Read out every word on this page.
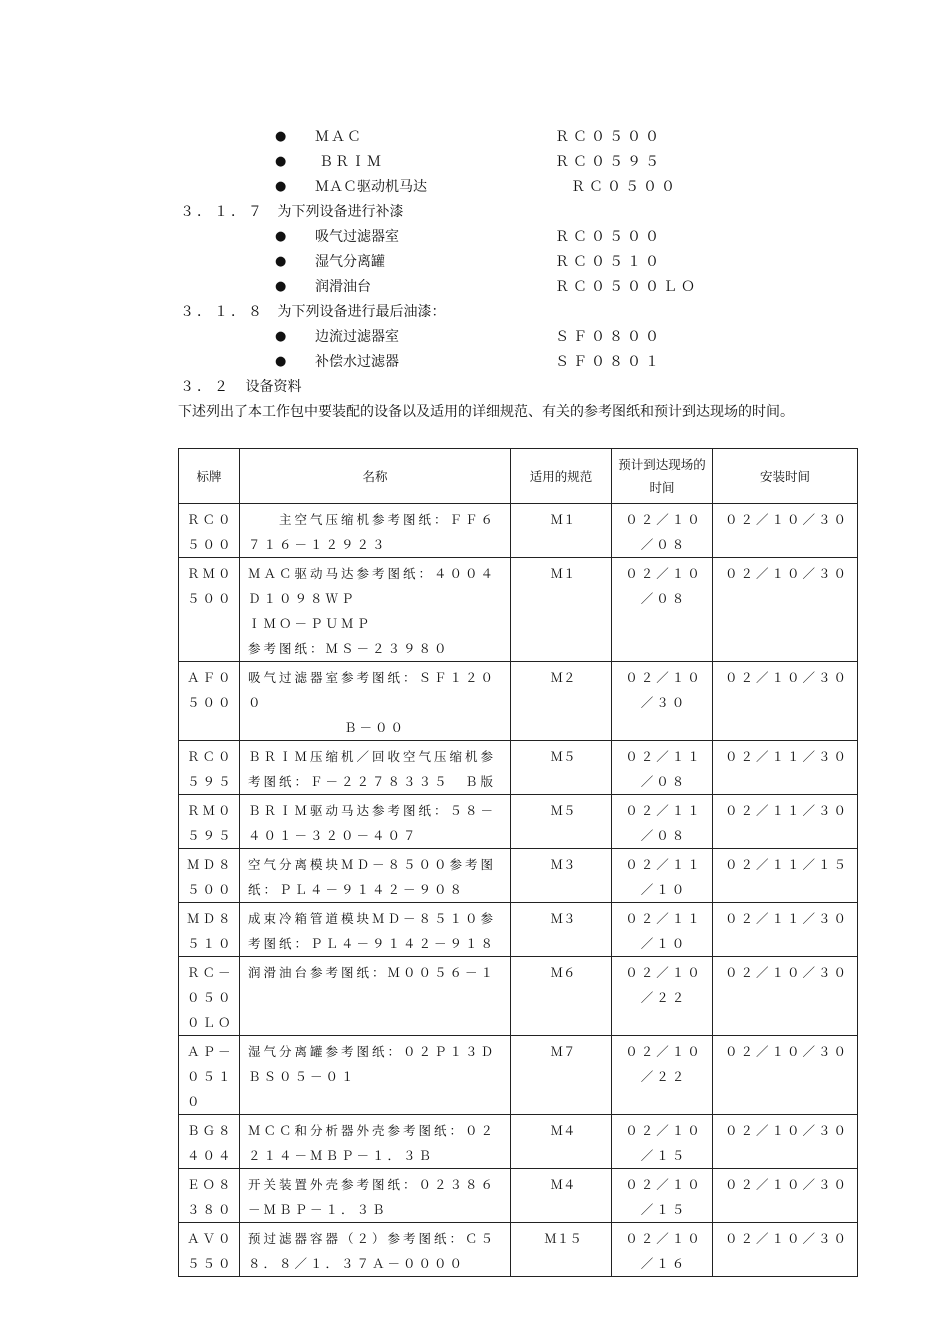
● ＭＡＣ	ＲＣ０５００
● ＢＲＩＭ	ＲＣ０５９５
● ＭＡＣ驱动机马达	ＲＣ０５００
３．１．７ 为下列设备进行补漆
● 吸气过滤器室	ＲＣ０５００
● 湿气分离罐	ＲＣ０５１０
● 润滑油台	ＲＣ０５００ＬＯ
３．１．８ 为下列设备进行最后油漆：
● 边流过滤器室	ＳＦ０８００
● 补偿水过滤器	ＳＦ０８０１
３．２ 设备资料
下述列出了本工作包中要装配的设备以及适用的详细规范、有关的参考图纸和预计到达现场的时间。
标牌	名称	适用的规范	预计到达现场的时间	安装时间
ＲＣ０５００	　　主空气压缩机参考图纸：ＦＦ６７１６－１２９２３	Ｍ１	０２／１０／０８	０２／１０／３０
ＲＭ０５００	ＭＡＣ驱动马达参考图纸：４００４Ｄ１０９８ＷＰ
ＩＭＯ－ＰＵＭＰ
参考图纸：ＭＳ－２３９８０	Ｍ１	０２／１０／０８	０２／１０／３０
ＡＦ０５００	吸气过滤器室参考图纸：ＳＦ１２００
Ｂ－００	Ｍ２	０２／１０／３０	０２／１０／３０
ＲＣ０５９５	ＢＲＩＭ压缩机／回收空气压缩机参考图纸：Ｆ－２２７８３３５　Ｂ版	Ｍ５	０２／１１／０８	０２／１１／３０
ＲＭ０５９５	ＢＲＩＭ驱动马达参考图纸：５８－４０１－３２０－４０７	Ｍ５	０２／１１／０８	０２／１１／３０
ＭＤ８５００	空气分离模块ＭＤ－８５００参考图纸：ＰＬ４－９１４２－９０８	Ｍ３	０２／１１／１０	０２／１１／１５
ＭＤ８５１０	成束冷箱管道模块ＭＤ－８５１０参考图纸：ＰＬ４－９１４２－９１８	Ｍ３	０２／１１／１０	０２／１１／３０
ＲＣ－０５００ＬＯ	润滑油台参考图纸：Ｍ００５６－１	Ｍ６	０２／１０／２２	０２／１０／３０
ＡＰ－０５１０	湿气分离罐参考图纸：０２Ｐ１３ＤＢＳ０５－０１	Ｍ７	０２／１０／２２	０２／１０／３０
ＢＧ８４０４	ＭＣＣ和分析器外壳参考图纸：０２２１４－ＭＢＰ－１．３Ｂ	Ｍ４	０２／１０／１５	０２／１０／３０
ＥＯ８３８０	开关装置外壳参考图纸：０２３８６－ＭＢＰ－１．３Ｂ	Ｍ４	０２／１０／１５	０２／１０／３０
ＡＶ０５５０	预过滤器容器（２）参考图纸：Ｃ５８．８／１．３７Ａ－００００	Ｍ１５	０２／１０／１６	０２／１０／３０
